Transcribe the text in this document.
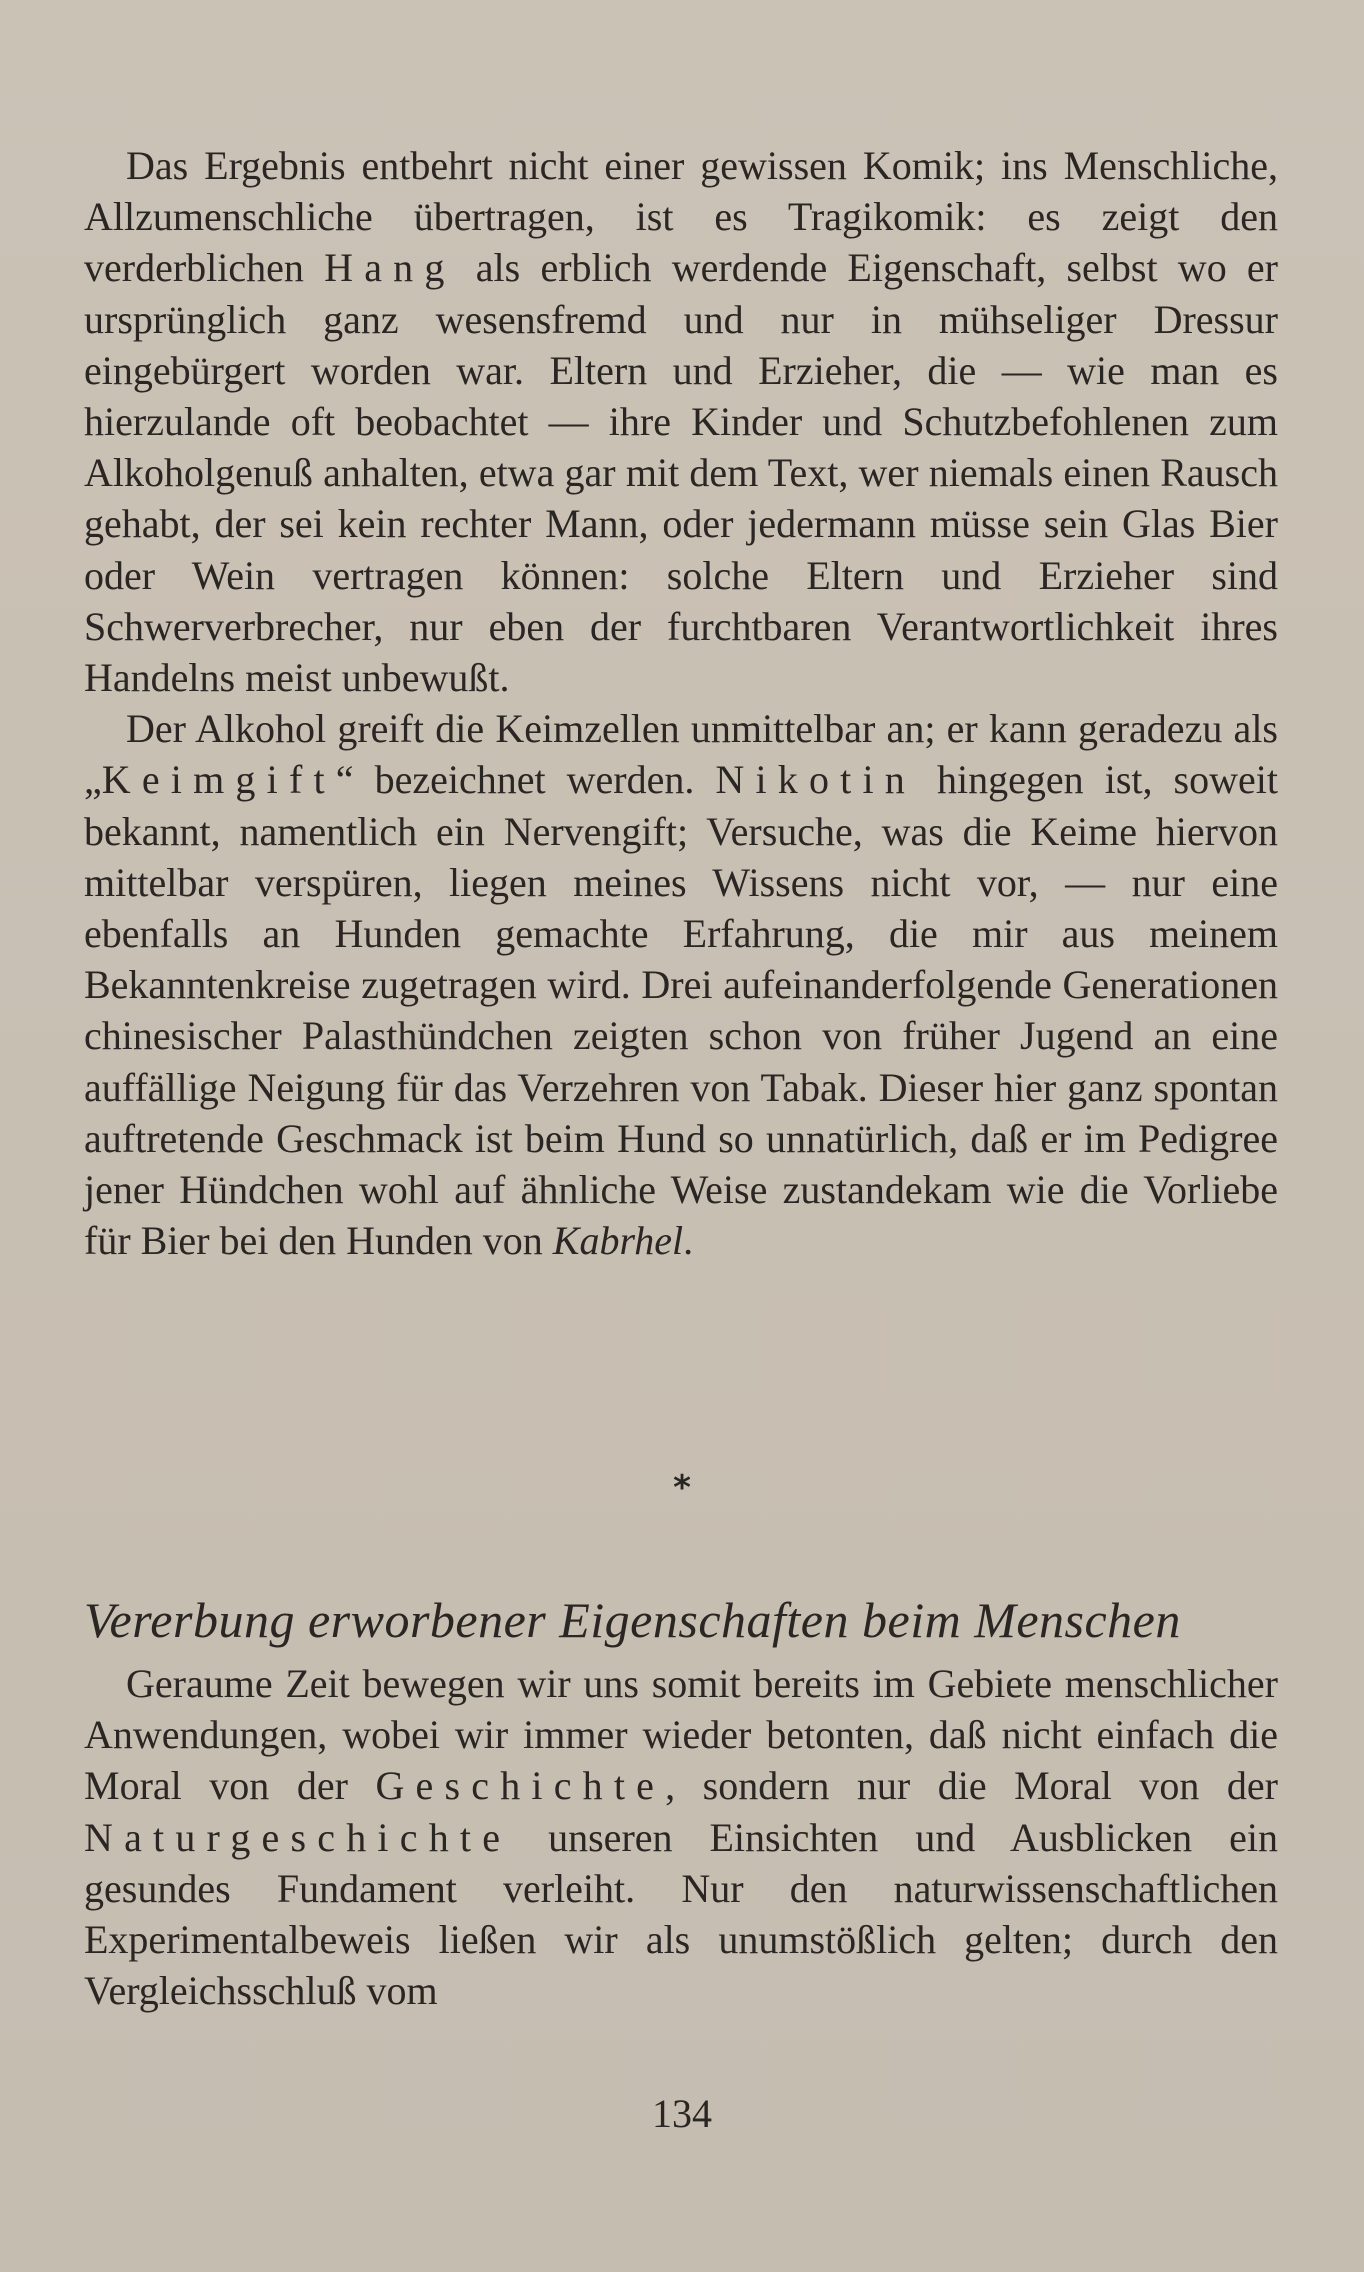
Das Ergebnis entbehrt nicht einer gewissen Komik; ins Menschliche, Allzumenschliche übertragen, ist es Tragikomik: es zeigt den verderblichen Hang als erblich werdende Eigenschaft, selbst wo er ursprünglich ganz wesensfremd und nur in mühseliger Dressur eingebürgert worden war. Eltern und Erzieher, die — wie man es hierzulande oft beobachtet — ihre Kinder und Schutzbefohlenen zum Alkoholgenuß anhalten, etwa gar mit dem Text, wer niemals einen Rausch gehabt, der sei kein rechter Mann, oder jedermann müsse sein Glas Bier oder Wein vertragen können: solche Eltern und Erzieher sind Schwerverbrecher, nur eben der furchtbaren Verantwortlichkeit ihres Handelns meist unbewußt.

Der Alkohol greift die Keimzellen unmittelbar an; er kann geradezu als „Keimgift“ bezeichnet werden. Nikotin hingegen ist, soweit bekannt, namentlich ein Nervengift; Versuche, was die Keime hiervon mittelbar verspüren, liegen meines Wissens nicht vor, — nur eine ebenfalls an Hunden gemachte Erfahrung, die mir aus meinem Bekanntenkreise zugetragen wird. Drei aufeinanderfolgende Generationen chinesischer Palasthündchen zeigten schon von früher Jugend an eine auffällige Neigung für das Verzehren von Tabak. Dieser hier ganz spontan auftretende Geschmack ist beim Hund so unnatürlich, daß er im Pedigree jener Hündchen wohl auf ähnliche Weise zustandekam wie die Vorliebe für Bier bei den Hunden von Kabrhel.

*
Vererbung erworbener Eigenschaften beim Menschen

Geraume Zeit bewegen wir uns somit bereits im Gebiete menschlicher Anwendungen, wobei wir immer wieder betonten, daß nicht einfach die Moral von der Geschichte, sondern nur die Moral von der Naturgeschichte unseren Einsichten und Ausblicken ein gesundes Fundament verleiht. Nur den naturwissenschaftlichen Experimentalbeweis ließen wir als unumstößlich gelten; durch den Vergleichsschluß vom

134
